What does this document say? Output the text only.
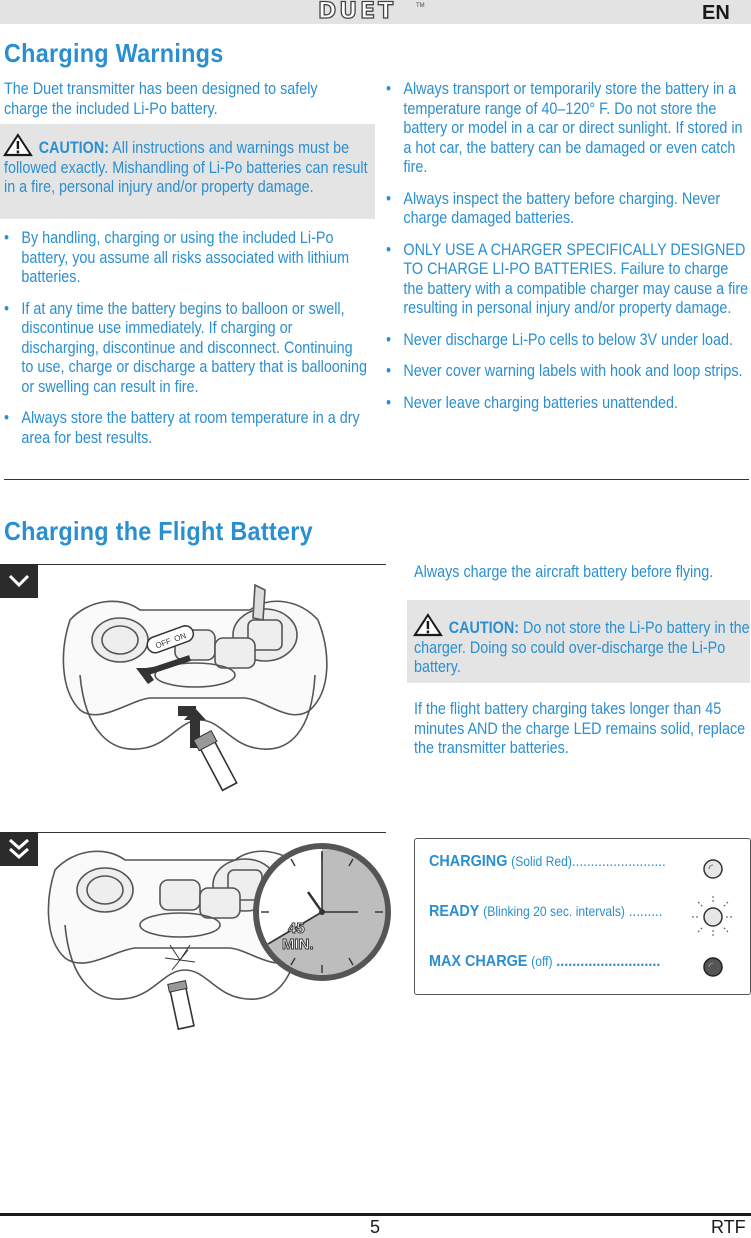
DUET	TM	EN
Charging Warnings

The Duet transmitter has been designed to safely charge the included Li-Po battery.

CAUTION: All instructions and warnings must be followed exactly. Mishandling of Li-Po batteries can result in a fire, personal injury and/or property damage.
• By handling, charging or using the included Li-Po battery, you assume all risks associated with lithium batteries.
• If at any time the battery begins to balloon or swell, discontinue use immediately. If charging or discharging, discontinue and disconnect. Continuing to use, charge or discharge a battery that is ballooning or swelling can result in fire.
• Always store the battery at room temperature in a dry area for best results.
• Always transport or temporarily store the battery in a temperature range of 40–120° F. Do not store the battery or model in a car or direct sunlight. If stored in a hot car, the battery can be damaged or even catch fire.
• Always inspect the battery before charging. Never charge damaged batteries.
• ONLY USE A CHARGER SPECIFICALLY DESIGNED TO CHARGE LI-PO BATTERIES. Failure to charge the battery with a compatible charger may cause a fire resulting in personal injury and/or property damage.
• Never discharge Li-Po cells to below 3V under load.
• Never cover warning labels with hook and loop strips.
• Never leave charging batteries unattended.
Charging the Flight Battery
OFF ON

Always charge the aircraft battery before flying.

CAUTION: Do not store the Li-Po battery in the charger. Doing so could over-discharge the Li-Po battery.

If the flight battery charging takes longer than 45 minutes AND the charge LED remains solid, replace the transmitter batteries.

45
MIN.
CHARGING (Solid Red).........................
READY (Blinking 20 sec. intervals) .........
MAX CHARGE (off) ..........................
5	RTF
